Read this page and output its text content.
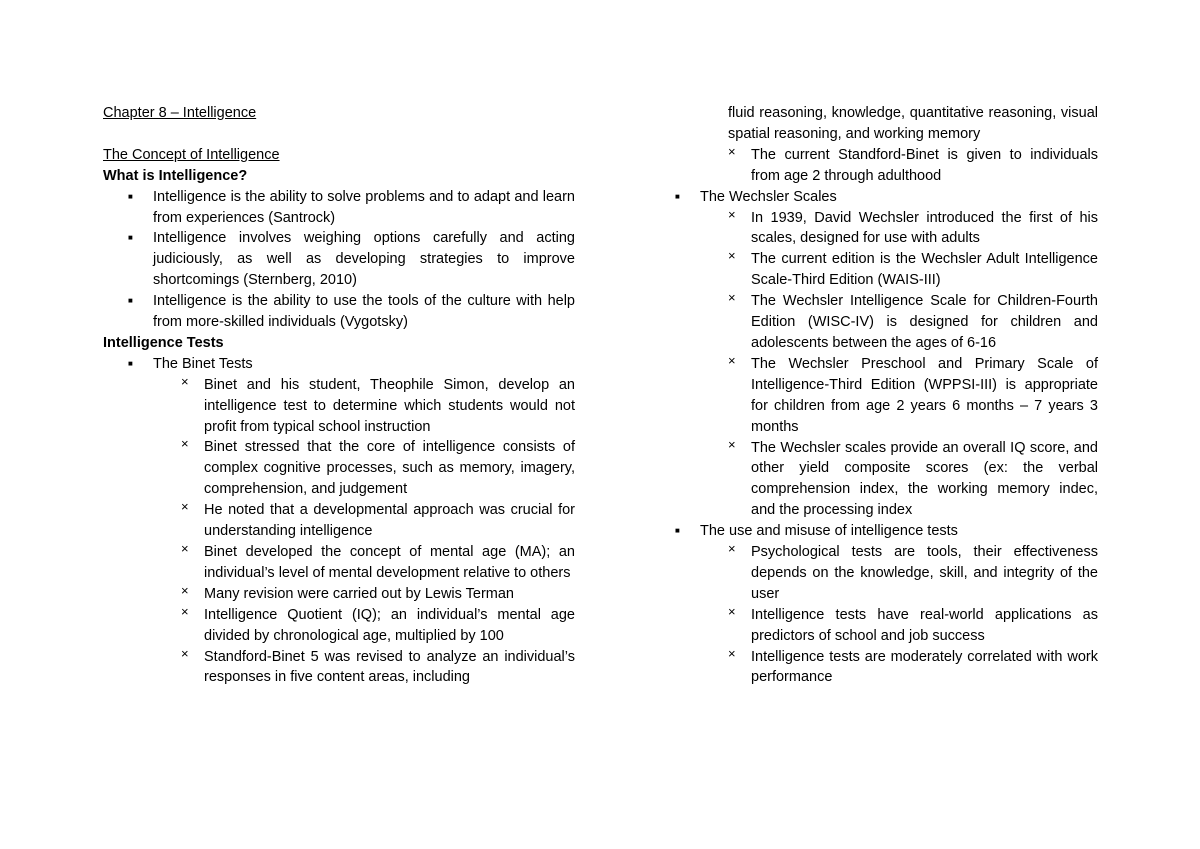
Chapter 8 – Intelligence
The Concept of Intelligence
What is Intelligence?
■ Intelligence is the ability to solve problems and to adapt and learn from experiences (Santrock)
■ Intelligence involves weighing options carefully and acting judiciously, as well as developing strategies to improve shortcomings (Sternberg, 2010)
■ Intelligence is the ability to use the tools of the culture with help from more-skilled individuals (Vygotsky)
Intelligence Tests
■ The Binet Tests
× Binet and his student, Theophile Simon, develop an intelligence test to determine which students would not profit from typical school instruction
× Binet stressed that the core of intelligence consists of complex cognitive processes, such as memory, imagery, comprehension, and judgement
× He noted that a developmental approach was crucial for understanding intelligence
× Binet developed the concept of mental age (MA); an individual’s level of mental development relative to others
× Many revision were carried out by Lewis Terman
× Intelligence Quotient (IQ); an individual’s mental age divided by chronological age, multiplied by 100
× Standford-Binet 5 was revised to analyze an individual’s responses in five content areas, including
fluid reasoning, knowledge, quantitative reasoning, visual spatial reasoning, and working memory
× The current Standford-Binet is given to individuals from age 2 through adulthood
■ The Wechsler Scales
× In 1939, David Wechsler introduced the first of his scales, designed for use with adults
× The current edition is the Wechsler Adult Intelligence Scale-Third Edition (WAIS-III)
× The Wechsler Intelligence Scale for Children-Fourth Edition (WISC-IV) is designed for children and adolescents between the ages of 6-16
× The Wechsler Preschool and Primary Scale of Intelligence-Third Edition (WPPSI-III) is appropriate for children from age 2 years 6 months – 7 years 3 months
× The Wechsler scales provide an overall IQ score, and other yield composite scores (ex: the verbal comprehension index, the working memory indec, and the processing index
■ The use and misuse of intelligence tests
× Psychological tests are tools, their effectiveness depends on the knowledge, skill, and integrity of the user
× Intelligence tests have real-world applications as predictors of school and job success
× Intelligence tests are moderately correlated with work performance
